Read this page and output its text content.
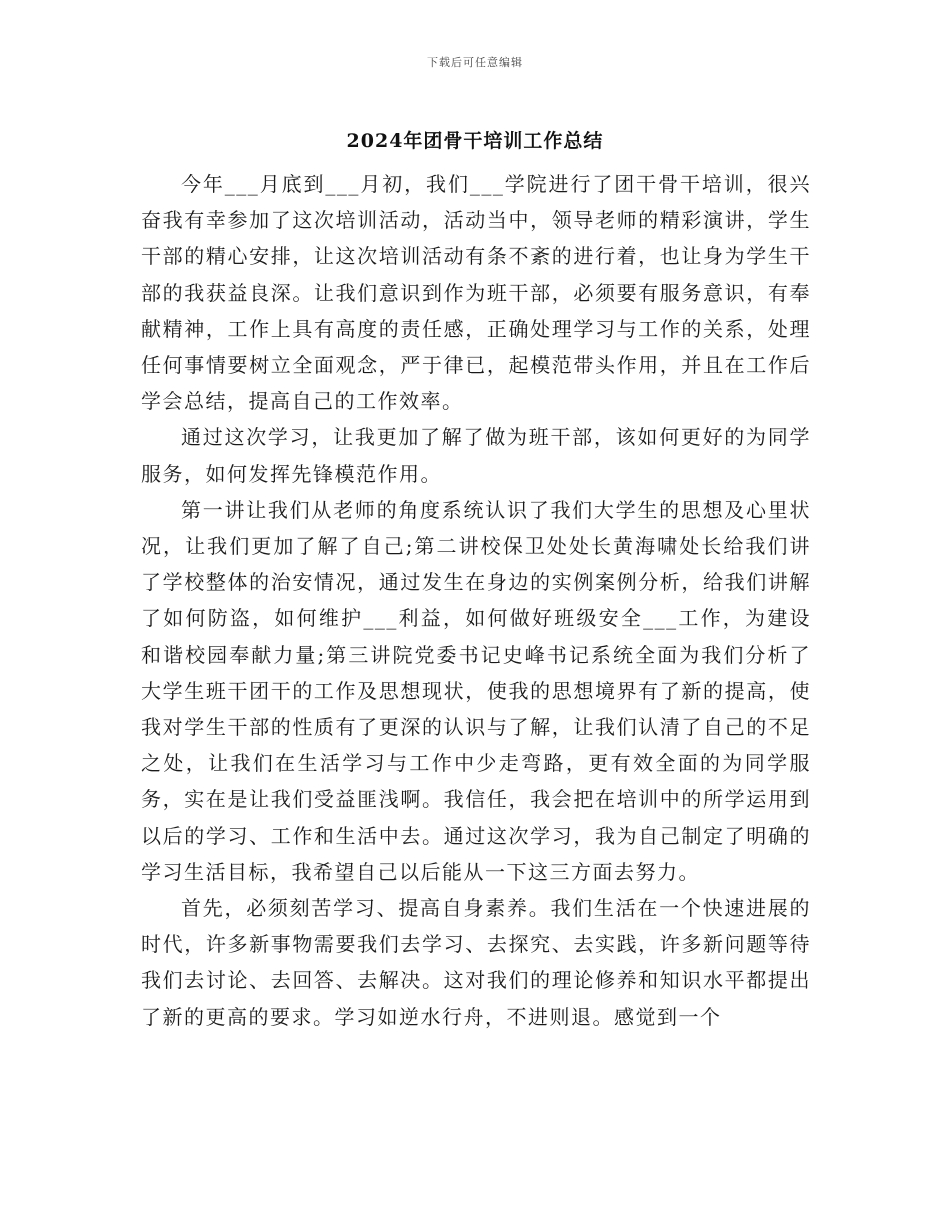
下载后可任意编辑
2024年团骨干培训工作总结

今年___月底到___月初，我们___学院进行了团干骨干培训，很兴奋我有幸参加了这次培训活动，活动当中，领导老师的精彩演讲，学生干部的精心安排，让这次培训活动有条不紊的进行着，也让身为学生干部的我获益良深。让我们意识到作为班干部，必须要有服务意识，有奉献精神，工作上具有高度的责任感，正确处理学习与工作的关系，处理任何事情要树立全面观念，严于律已，起模范带头作用，并且在工作后学会总结，提高自己的工作效率。

通过这次学习，让我更加了解了做为班干部，该如何更好的为同学服务，如何发挥先锋模范作用。

第一讲让我们从老师的角度系统认识了我们大学生的思想及心里状况，让我们更加了解了自己;第二讲校保卫处处长黄海啸处长给我们讲了学校整体的治安情况，通过发生在身边的实例案例分析，给我们讲解了如何防盗，如何维护___利益，如何做好班级安全___工作，为建设和谐校园奉献力量;第三讲院党委书记史峰书记系统全面为我们分析了大学生班干团干的工作及思想现状，使我的思想境界有了新的提高，使我对学生干部的性质有了更深的认识与了解，让我们认清了自己的不足之处，让我们在生活学习与工作中少走弯路，更有效全面的为同学服务，实在是让我们受益匪浅啊。我信任，我会把在培训中的所学运用到以后的学习、工作和生活中去。通过这次学习，我为自己制定了明确的学习生活目标，我希望自己以后能从一下这三方面去努力。

首先，必须刻苦学习、提高自身素养。我们生活在一个快速进展的时代，许多新事物需要我们去学习、去探究、去实践，许多新问题等待我们去讨论、去回答、去解决。这对我们的理论修养和知识水平都提出了新的更高的要求。学习如逆水行舟，不进则退。感觉到一个
